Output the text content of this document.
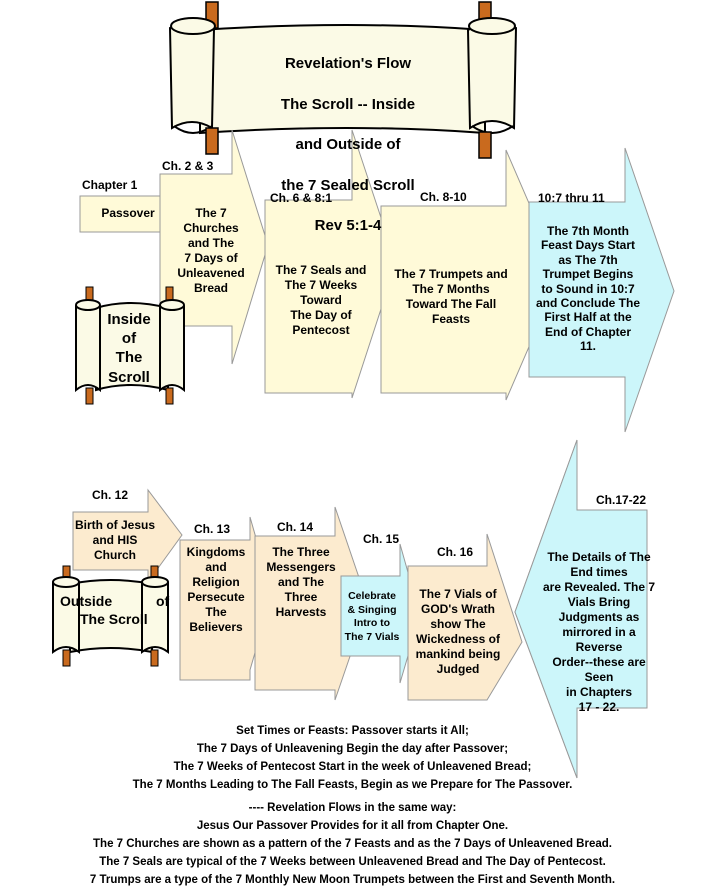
Revelation's Flow

The Scroll -- Inside

and Outside of

the 7 Sealed Scroll

Rev 5:1-4

Chapter 1
Passover
Ch. 2 & 3
The 7
Churches
and The
7 Days of
Unleavened
Bread
Ch. 6 & 8:1
The 7 Seals and
The 7 Weeks
Toward
The Day of
Pentecost
Ch. 8-10
The 7 Trumpets and
The 7 Months
Toward The Fall
Feasts
10:7 thru 11
The 7th Month
Feast Days Start
as The 7th
Trumpet Begins
to Sound in 10:7
and Conclude The
First Half at the
End of Chapter
11.
Inside
of
The
Scroll
Ch. 12
Birth of Jesus
and HIS
Church
Ch. 13
Kingdoms
and
Religion
Persecute
The
Believers
Ch. 14
The Three
Messengers
and The
Three
Harvests
Ch. 15
Celebrate
& Singing
Intro to
The 7 Vials
Ch. 16
The 7 Vials of
GOD's Wrath
show The
Wickedness of
mankind being
Judged
Ch.17-22
The Details of The
End times
are Revealed. The 7
Vials Bring
Judgments as
mirrored in a Reverse
Order--these are Seen
in Chapters
17 - 22.
Outside	of
The Scroll
Set Times or Feasts: Passover starts it All;
The 7 Days of Unleavening Begin the day after Passover;
The 7 Weeks of Pentecost Start in the week of Unleavened Bread;
The 7 Months Leading to The Fall Feasts, Begin as we Prepare for The Passover.
---- Revelation Flows in the same way:
Jesus Our Passover Provides for it all from Chapter One.
The 7 Churches are shown as a pattern of the 7 Feasts and as the 7 Days of Unleavened Bread.
The 7 Seals are typical of the 7 Weeks between Unleavened Bread and The Day of Pentecost.
7 Trumps are a type of the 7 Monthly New Moon Trumpets between the First and Seventh Month.
